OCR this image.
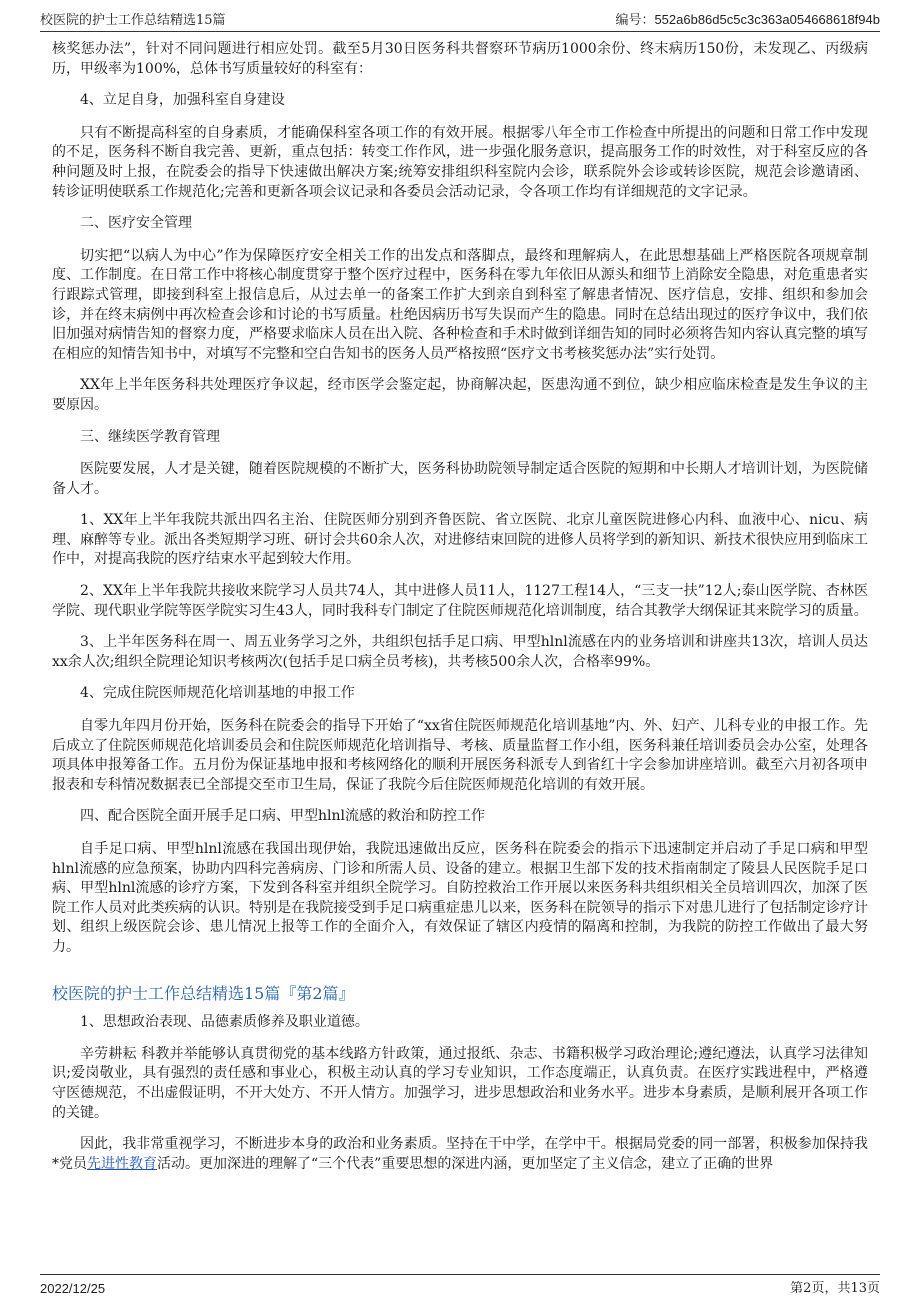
校医院的护士工作总结精选15篇	编号：552a6b86d5c5c3c363a054668618f94b

核奖惩办法”，针对不同问题进行相应处罚。截至5月30日医务科共督察环节病历1000余份、终末病历150份，未发现乙、丙级病历，甲级率为100%，总体书写质量较好的科室有：

4、立足自身，加强科室自身建设

只有不断提高科室的自身素质，才能确保科室各项工作的有效开展。根据零八年全市工作检查中所提出的问题和日常工作中发现的不足，医务科不断自我完善、更新，重点包括：转变工作作风，进一步强化服务意识，提高服务工作的时效性，对于科室反应的各种问题及时上报，在院委会的指导下快速做出解决方案;统筹安排组织科室院内会诊，联系院外会诊或转诊医院，规范会诊邀请函、转诊证明使联系工作规范化;完善和更新各项会议记录和各委员会活动记录，令各项工作均有详细规范的文字记录。

二、医疗安全管理

切实把“以病人为中心”作为保障医疗安全相关工作的出发点和落脚点，最终和理解病人，在此思想基础上严格医院各项规章制度、工作制度。在日常工作中将核心制度贯穿于整个医疗过程中，医务科在零九年依旧从源头和细节上消除安全隐患，对危重患者实行跟踪式管理，即接到科室上报信息后，从过去单一的备案工作扩大到亲自到科室了解患者情况、医疗信息，安排、组织和参加会诊，并在终末病例中再次检查会诊和讨论的书写质量。杜绝因病历书写失误而产生的隐患。同时在总结出现过的医疗争议中，我们依旧加强对病情告知的督察力度，严格要求临床人员在出入院、各种检查和手术时做到详细告知的同时必须将告知内容认真完整的填写在相应的知情告知书中，对填写不完整和空白告知书的医务人员严格按照“医疗文书考核奖惩办法”实行处罚。

XX年上半年医务科共处理医疗争议起，经市医学会鉴定起，协商解决起，医患沟通不到位，缺少相应临床检查是发生争议的主要原因。

三、继续医学教育管理

医院要发展，人才是关键，随着医院规模的不断扩大，医务科协助院领导制定适合医院的短期和中长期人才培训计划，为医院储备人才。

1、XX年上半年我院共派出四名主治、住院医师分别到齐鲁医院、省立医院、北京儿童医院进修心内科、血液中心、nicu、病理、麻醉等专业。派出各类短期学习班、研讨会共60余人次，对进修结束回院的进修人员将学到的新知识、新技术很快应用到临床工作中，对提高我院的医疗结束水平起到较大作用。

2、XX年上半年我院共接收来院学习人员共74人，其中进修人员11人，1127工程14人，“三支一扶”12人;泰山医学院、杏林医学院、现代职业学院等医学院实习生43人，同时我科专门制定了住院医师规范化培训制度，结合其教学大纲保证其来院学习的质量。

3、上半年医务科在周一、周五业务学习之外，共组织包括手足口病、甲型hlnl流感在内的业务培训和讲座共13次，培训人员达xx余人次;组织全院理论知识考核两次(包括手足口病全员考核)，共考核500余人次，合格率99%。

4、完成住院医师规范化培训基地的申报工作

自零九年四月份开始，医务科在院委会的指导下开始了“xx省住院医师规范化培训基地”内、外、妇产、儿科专业的申报工作。先后成立了住院医师规范化培训委员会和住院医师规范化培训指导、考核、质量监督工作小组，医务科兼任培训委员会办公室，处理各项具体申报筹备工作。五月份为保证基地申报和考核网络化的顺利开展医务科派专人到省红十字会参加讲座培训。截至六月初各项申报表和专科情况数据表已全部提交至市卫生局，保证了我院今后住院医师规范化培训的有效开展。

四、配合医院全面开展手足口病、甲型hlnl流感的救治和防控工作

自手足口病、甲型hlnl流感在我国出现伊始，我院迅速做出反应，医务科在院委会的指示下迅速制定并启动了手足口病和甲型hlnl流感的应急预案，协助内四科完善病房、门诊和所需人员、设备的建立。根据卫生部下发的技术指南制定了陵县人民医院手足口病、甲型hlnl流感的诊疗方案，下发到各科室并组织全院学习。自防控救治工作开展以来医务科共组织相关全员培训四次，加深了医院工作人员对此类疾病的认识。特别是在我院接受到手足口病重症患儿以来，医务科在院领导的指示下对患儿进行了包括制定诊疗计划、组织上级医院会诊、患儿情况上报等工作的全面介入，有效保证了辖区内疫情的隔离和控制，为我院的防控工作做出了最大努力。

校医院的护士工作总结精选15篇『第2篇』

1、思想政治表现、品德素质修养及职业道德。

辛劳耕耘 科教并举能够认真贯彻党的基本线路方针政策，通过报纸、杂志、书籍积极学习政治理论;遵纪遵法，认真学习法律知识;爱岗敬业，具有强烈的责任感和事业心，积极主动认真的学习专业知识，工作态度端正，认真负责。在医疗实践进程中，严格遵守医德规范，不出虚假证明，不开大处方、不开人情方。加强学习，进步思想政治和业务水平。进步本身素质，是顺利展开各项工作的关键。

因此，我非常重视学习，不断进步本身的政治和业务素质。坚持在干中学，在学中干。根据局党委的同一部署，积极参加保持我*党员先进性教育活动。更加深进的理解了“三个代表”重要思想的深进内涵，更加坚定了主义信念，建立了正确的世界

2022/12/25	第2页，共13页
